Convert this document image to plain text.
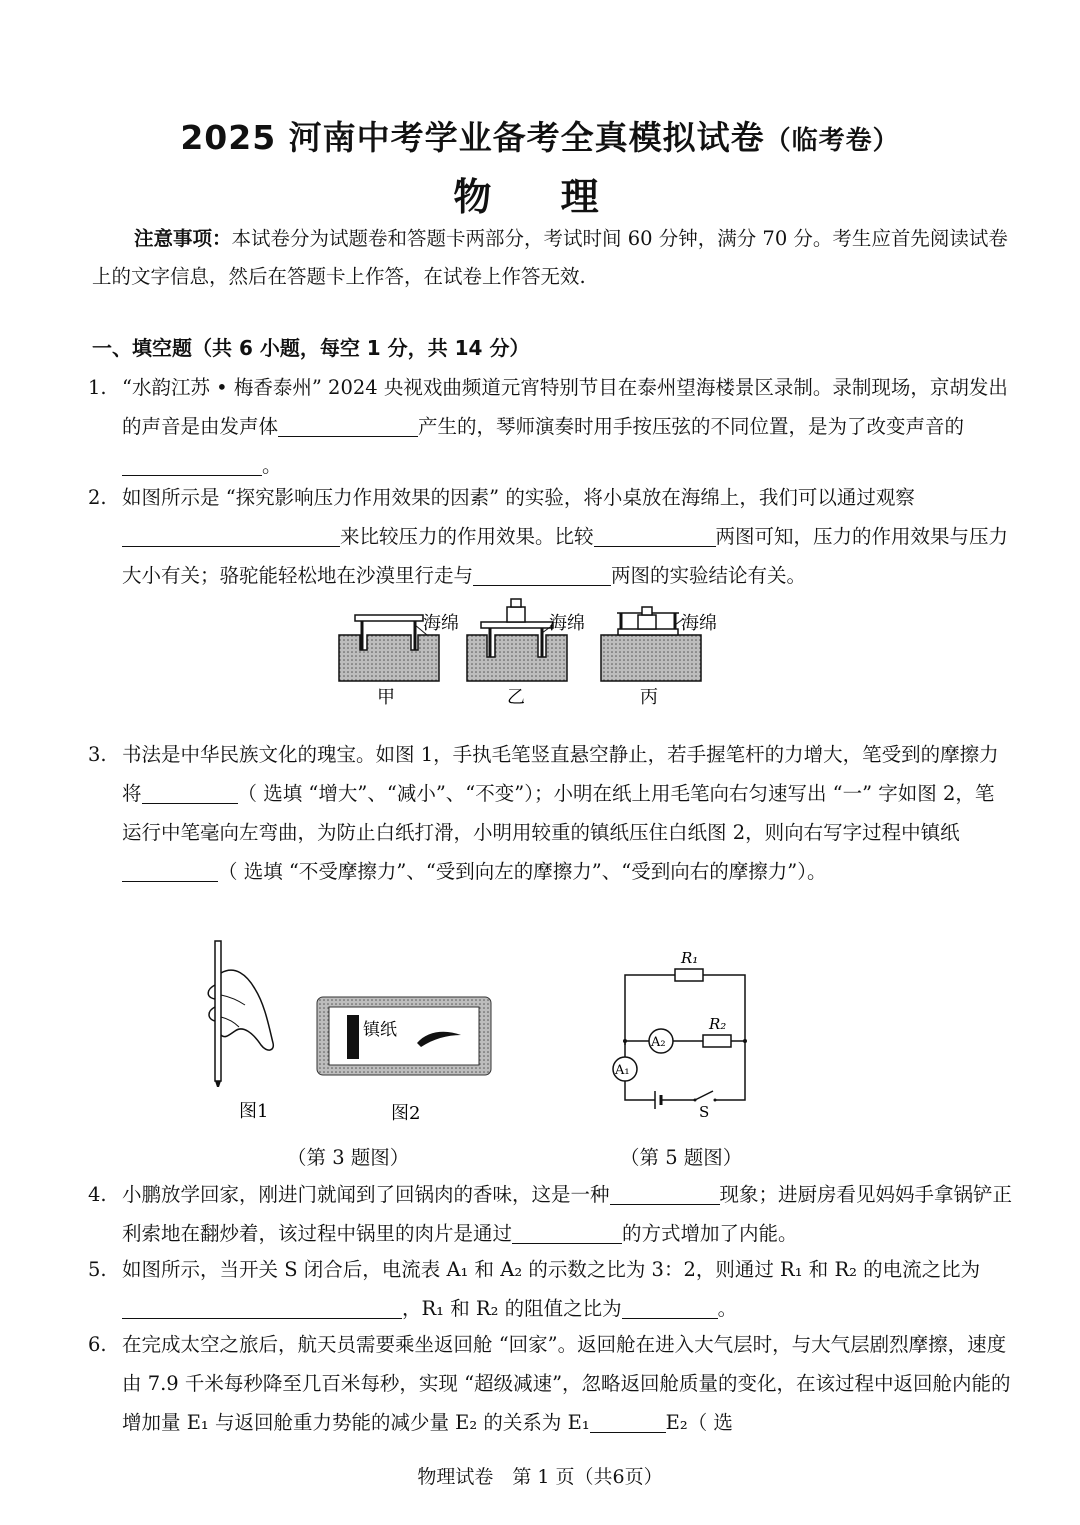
2025 河南中考学业备考全真模拟试卷（临考卷）
物 理
注意事项：本试卷分为试题卷和答题卡两部分，考试时间 60 分钟，满分 70 分。考生应首先阅读试卷上的文字信息，然后在答题卡上作答，在试卷上作答无效.
一、填空题（共 6 小题，每空 1 分，共 14 分）
1. “水韵江苏 • 梅香泰州” 2024 央视戏曲频道元宵特别节目在泰州望海楼景区录制。录制现场，京胡发出的声音是由发声体	产生的，琴师演奏时用手按压弦的不同位置，是为了改变声音的。
2. 如图所示是 “探究影响压力作用效果的因素” 的实验，将小桌放在海绵上，我们可以通过观察来比较压力的作用效果。比较	两图可知，压力的作用效果与压力大小有关；骆驼能轻松地在沙漠里行走与	两图的实验结论有关。
海绵
甲
海绵
乙
海绵
丙
3. 书法是中华民族文化的瑰宝。如图 1，手执毛笔竖直悬空静止，若手握笔杆的力增大，笔受到的摩擦力将	（ 选填 “增大”、“减小”、“不变”）；小明在纸上用毛笔向右匀速写出 “一” 字如图 2，笔运行中笔毫向左弯曲，为防止白纸打滑，小明用较重的镇纸压住白纸图 2，则向右写字过程中镇纸（ 选填 “不受摩擦力”、“受到向左的摩擦力”、“受到向右的摩擦力”）。
图1
镇纸
图2
（第 3 题图）
R₁
R₂
A₂
A₁
S
（第 5 题图）
4. 小鹏放学回家，刚进门就闻到了回锅肉的香味，这是一种	现象；进厨房看见妈妈手拿锅铲正利索地在翻炒着，该过程中锅里的肉片是通过	的方式增加了内能。
5. 如图所示，当开关 S 闭合后，电流表 A₁ 和 A₂ 的示数之比为 3：2，则通过 R₁ 和 R₂ 的电流之比为，R₁ 和 R₂ 的阻值之比为	。
6. 在完成太空之旅后，航天员需要乘坐返回舱 “回家”。返回舱在进入大气层时，与大气层剧烈摩擦，速度由 7.9 千米每秒降至几百米每秒，实现 “超级减速”，忽略返回舱质量的变化，在该过程中返回舱内能的增加量 E₁ 与返回舱重力势能的减少量 E₂ 的关系为 E₁	E₂（ 选
物理试卷　第 1 页（共6页）
